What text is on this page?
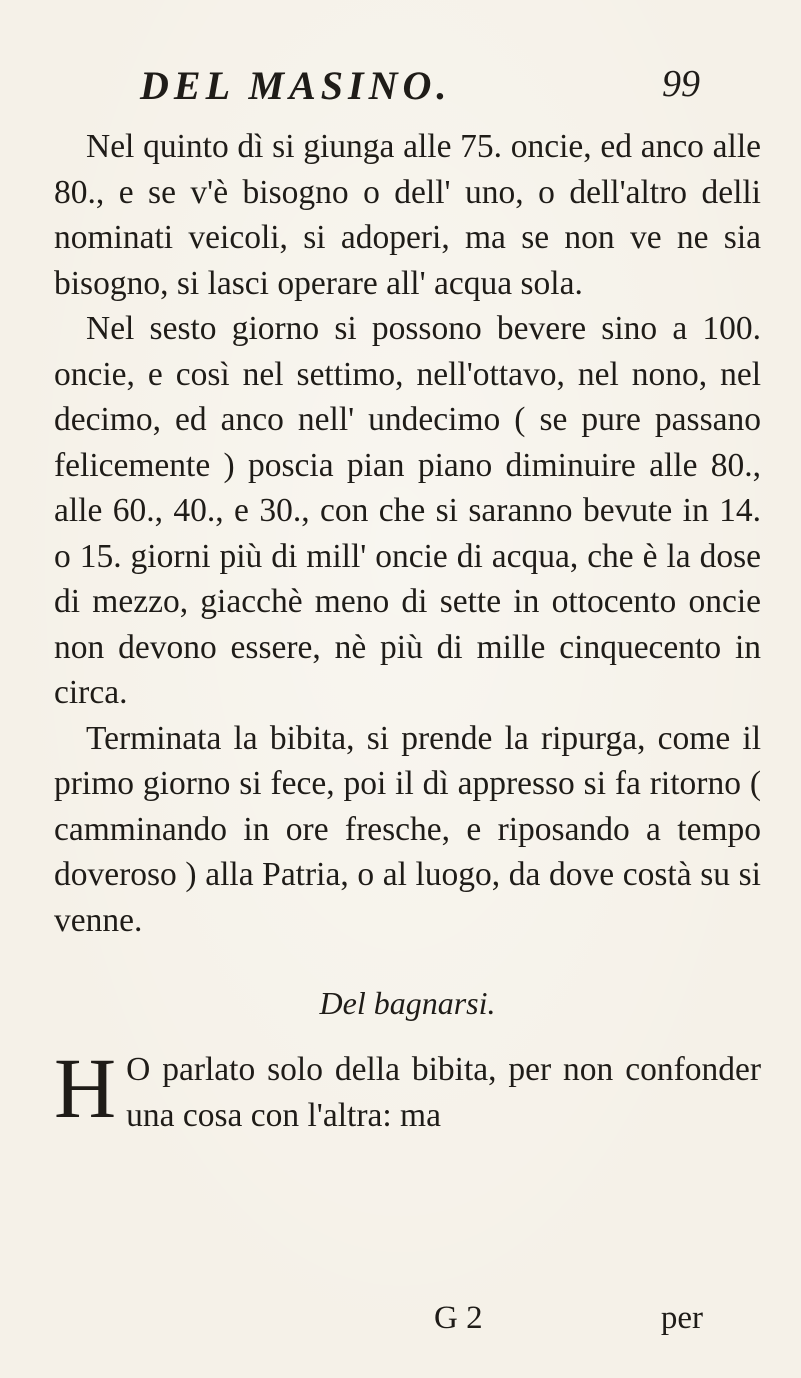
DEL MASINO.	99

Nel quinto dì si giunga alle 75. oncie, ed anco alle 80., e se v'è bisogno o dell' uno, o dell'altro delli nominati veicoli, si adoperi, ma se non ve ne sia bisogno, si lasci operare all' acqua sola.

Nel sesto giorno si possono bevere sino a 100. oncie, e così nel settimo, nell'ottavo, nel nono, nel decimo, ed anco nell' undecimo ( se pure passano felicemente ) poscia pian piano diminuire alle 80., alle 60., 40., e 30., con che si saranno bevute in 14. o 15. giorni più di mill' oncie di acqua, che è la dose di mezzo, giacchè meno di sette in ottocento oncie non devono essere, nè più di mille cinquecento in circa.

Terminata la bibita, si prende la ripurga, come il primo giorno si fece, poi il dì appresso si fa ritorno ( camminando in ore fresche, e riposando a tempo doveroso ) alla Patria, o al luogo, da dove costà su si venne.

Del bagnarsi.

H O parlato solo della bibita, per non confonder una cosa con l'altra: ma

G 2	per
